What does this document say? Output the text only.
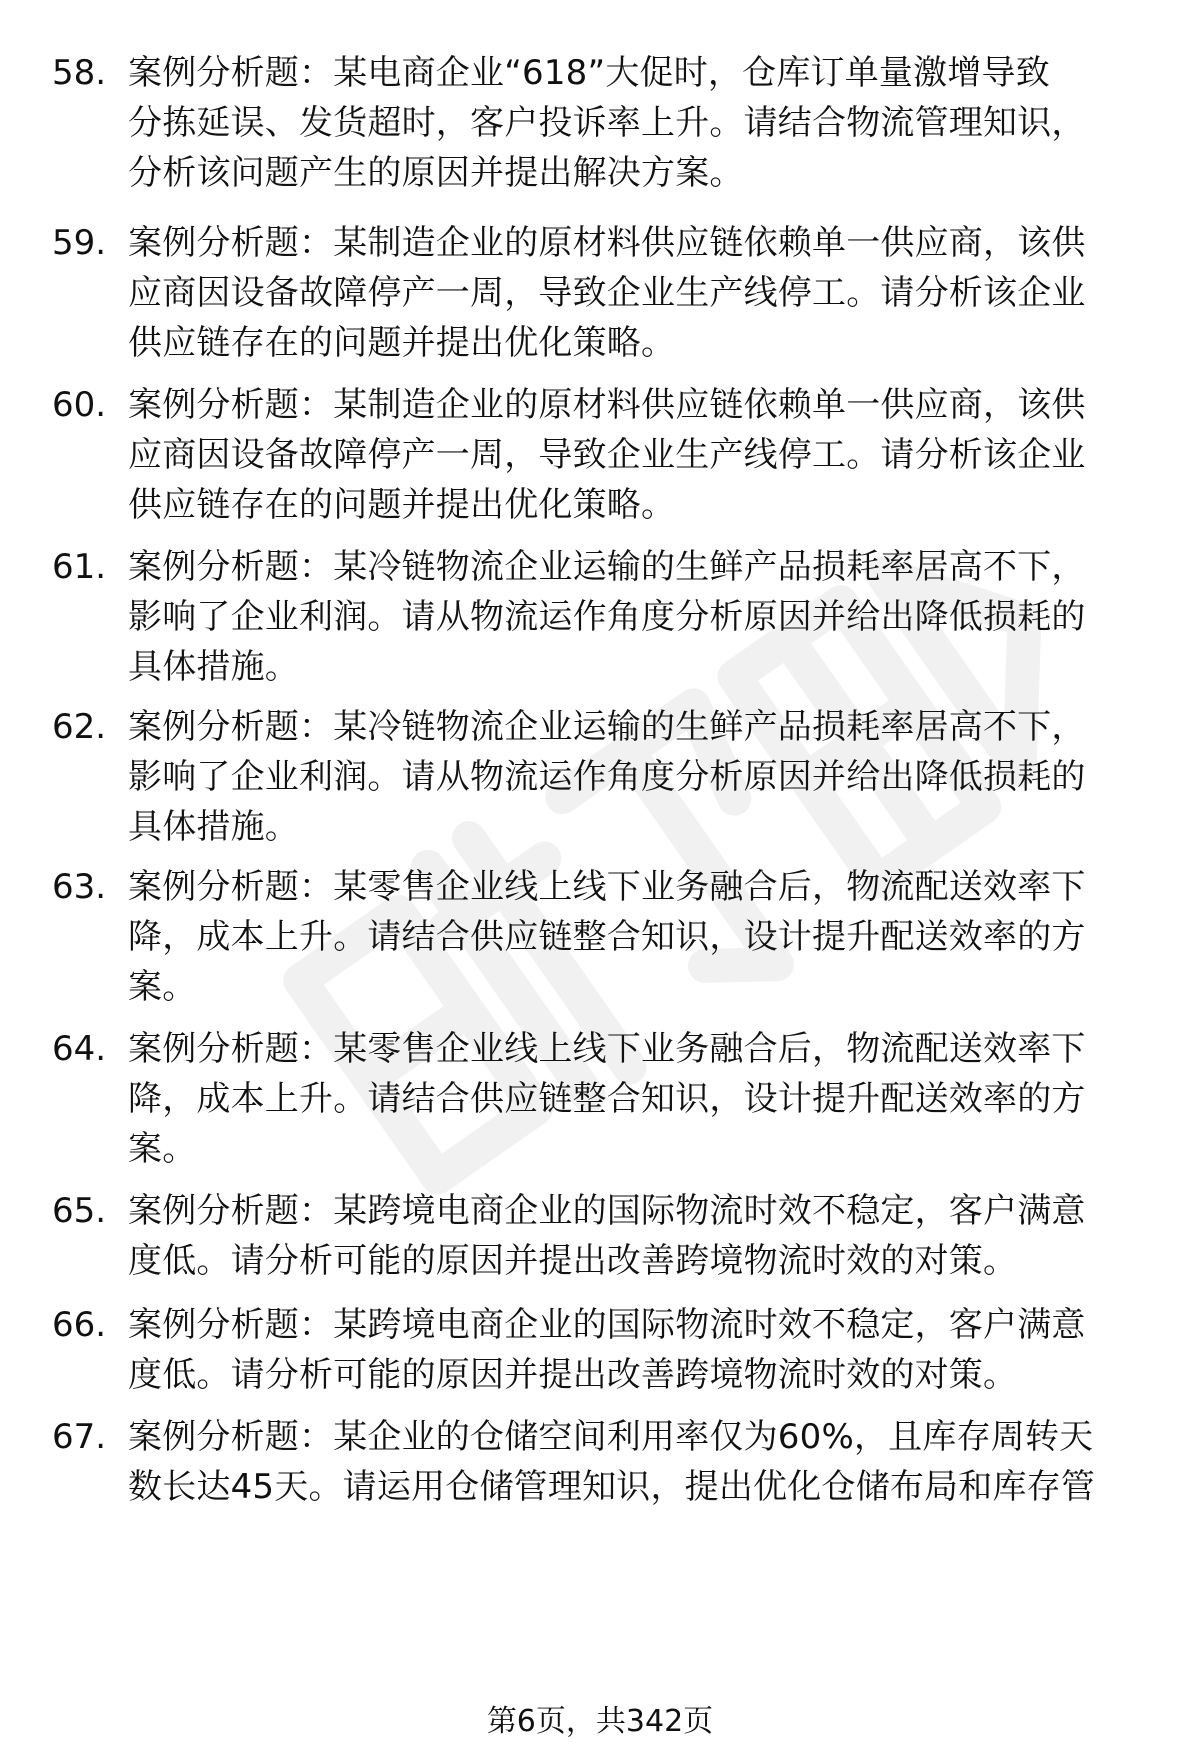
58. 案例分析题：某电商企业“618”大促时，仓库订单量激增导致
分拣延误、发货超时，客户投诉率上升。请结合物流管理知识，
分析该问题产生的原因并提出解决方案。
59. 案例分析题：某制造企业的原材料供应链依赖单一供应商，该供
应商因设备故障停产一周，导致企业生产线停工。请分析该企业
供应链存在的问题并提出优化策略。
60. 案例分析题：某制造企业的原材料供应链依赖单一供应商，该供
应商因设备故障停产一周，导致企业生产线停工。请分析该企业
供应链存在的问题并提出优化策略。
61. 案例分析题：某冷链物流企业运输的生鲜产品损耗率居高不下，
影响了企业利润。请从物流运作角度分析原因并给出降低损耗的
具体措施。
62. 案例分析题：某冷链物流企业运输的生鲜产品损耗率居高不下，
影响了企业利润。请从物流运作角度分析原因并给出降低损耗的
具体措施。
63. 案例分析题：某零售企业线上线下业务融合后，物流配送效率下
降，成本上升。请结合供应链整合知识，设计提升配送效率的方
案。
64. 案例分析题：某零售企业线上线下业务融合后，物流配送效率下
降，成本上升。请结合供应链整合知识，设计提升配送效率的方
案。
65. 案例分析题：某跨境电商企业的国际物流时效不稳定，客户满意
度低。请分析可能的原因并提出改善跨境物流时效的对策。
66. 案例分析题：某跨境电商企业的国际物流时效不稳定，客户满意
度低。请分析可能的原因并提出改善跨境物流时效的对策。
67. 案例分析题：某企业的仓储空间利用率仅为60%，且库存周转天
数长达45天。请运用仓储管理知识，提出优化仓储布局和库存管
第6页，共342页
